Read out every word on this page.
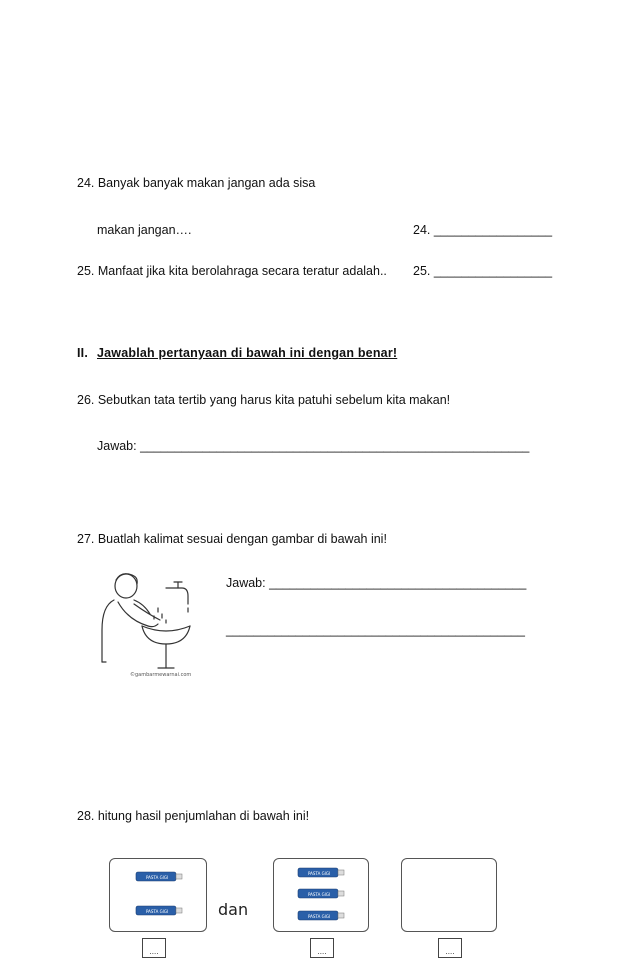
24. Banyak banyak makan jangan ada sisa
makan jangan….	24. _________________
25. Manfaat jika kita berolahraga secara teratur adalah.. 25. _________________
II. Jawablah pertanyaan di bawah ini dengan benar!
26. Sebutkan tata tertib yang harus kita patuhi sebelum kita makan!
Jawab: ________________________________________________________
27. Buatlah kalimat sesuai dengan gambar di bawah ini!
©gambarmewarnai.com
Jawab: _____________________________________
___________________________________________
28. hitung hasil penjumlahan di bawah ini!
PASTA GIGI
PASTA GIGI	dan
PASTA GIGI
PASTA GIGI
PASTA GIGI
....	....	....
